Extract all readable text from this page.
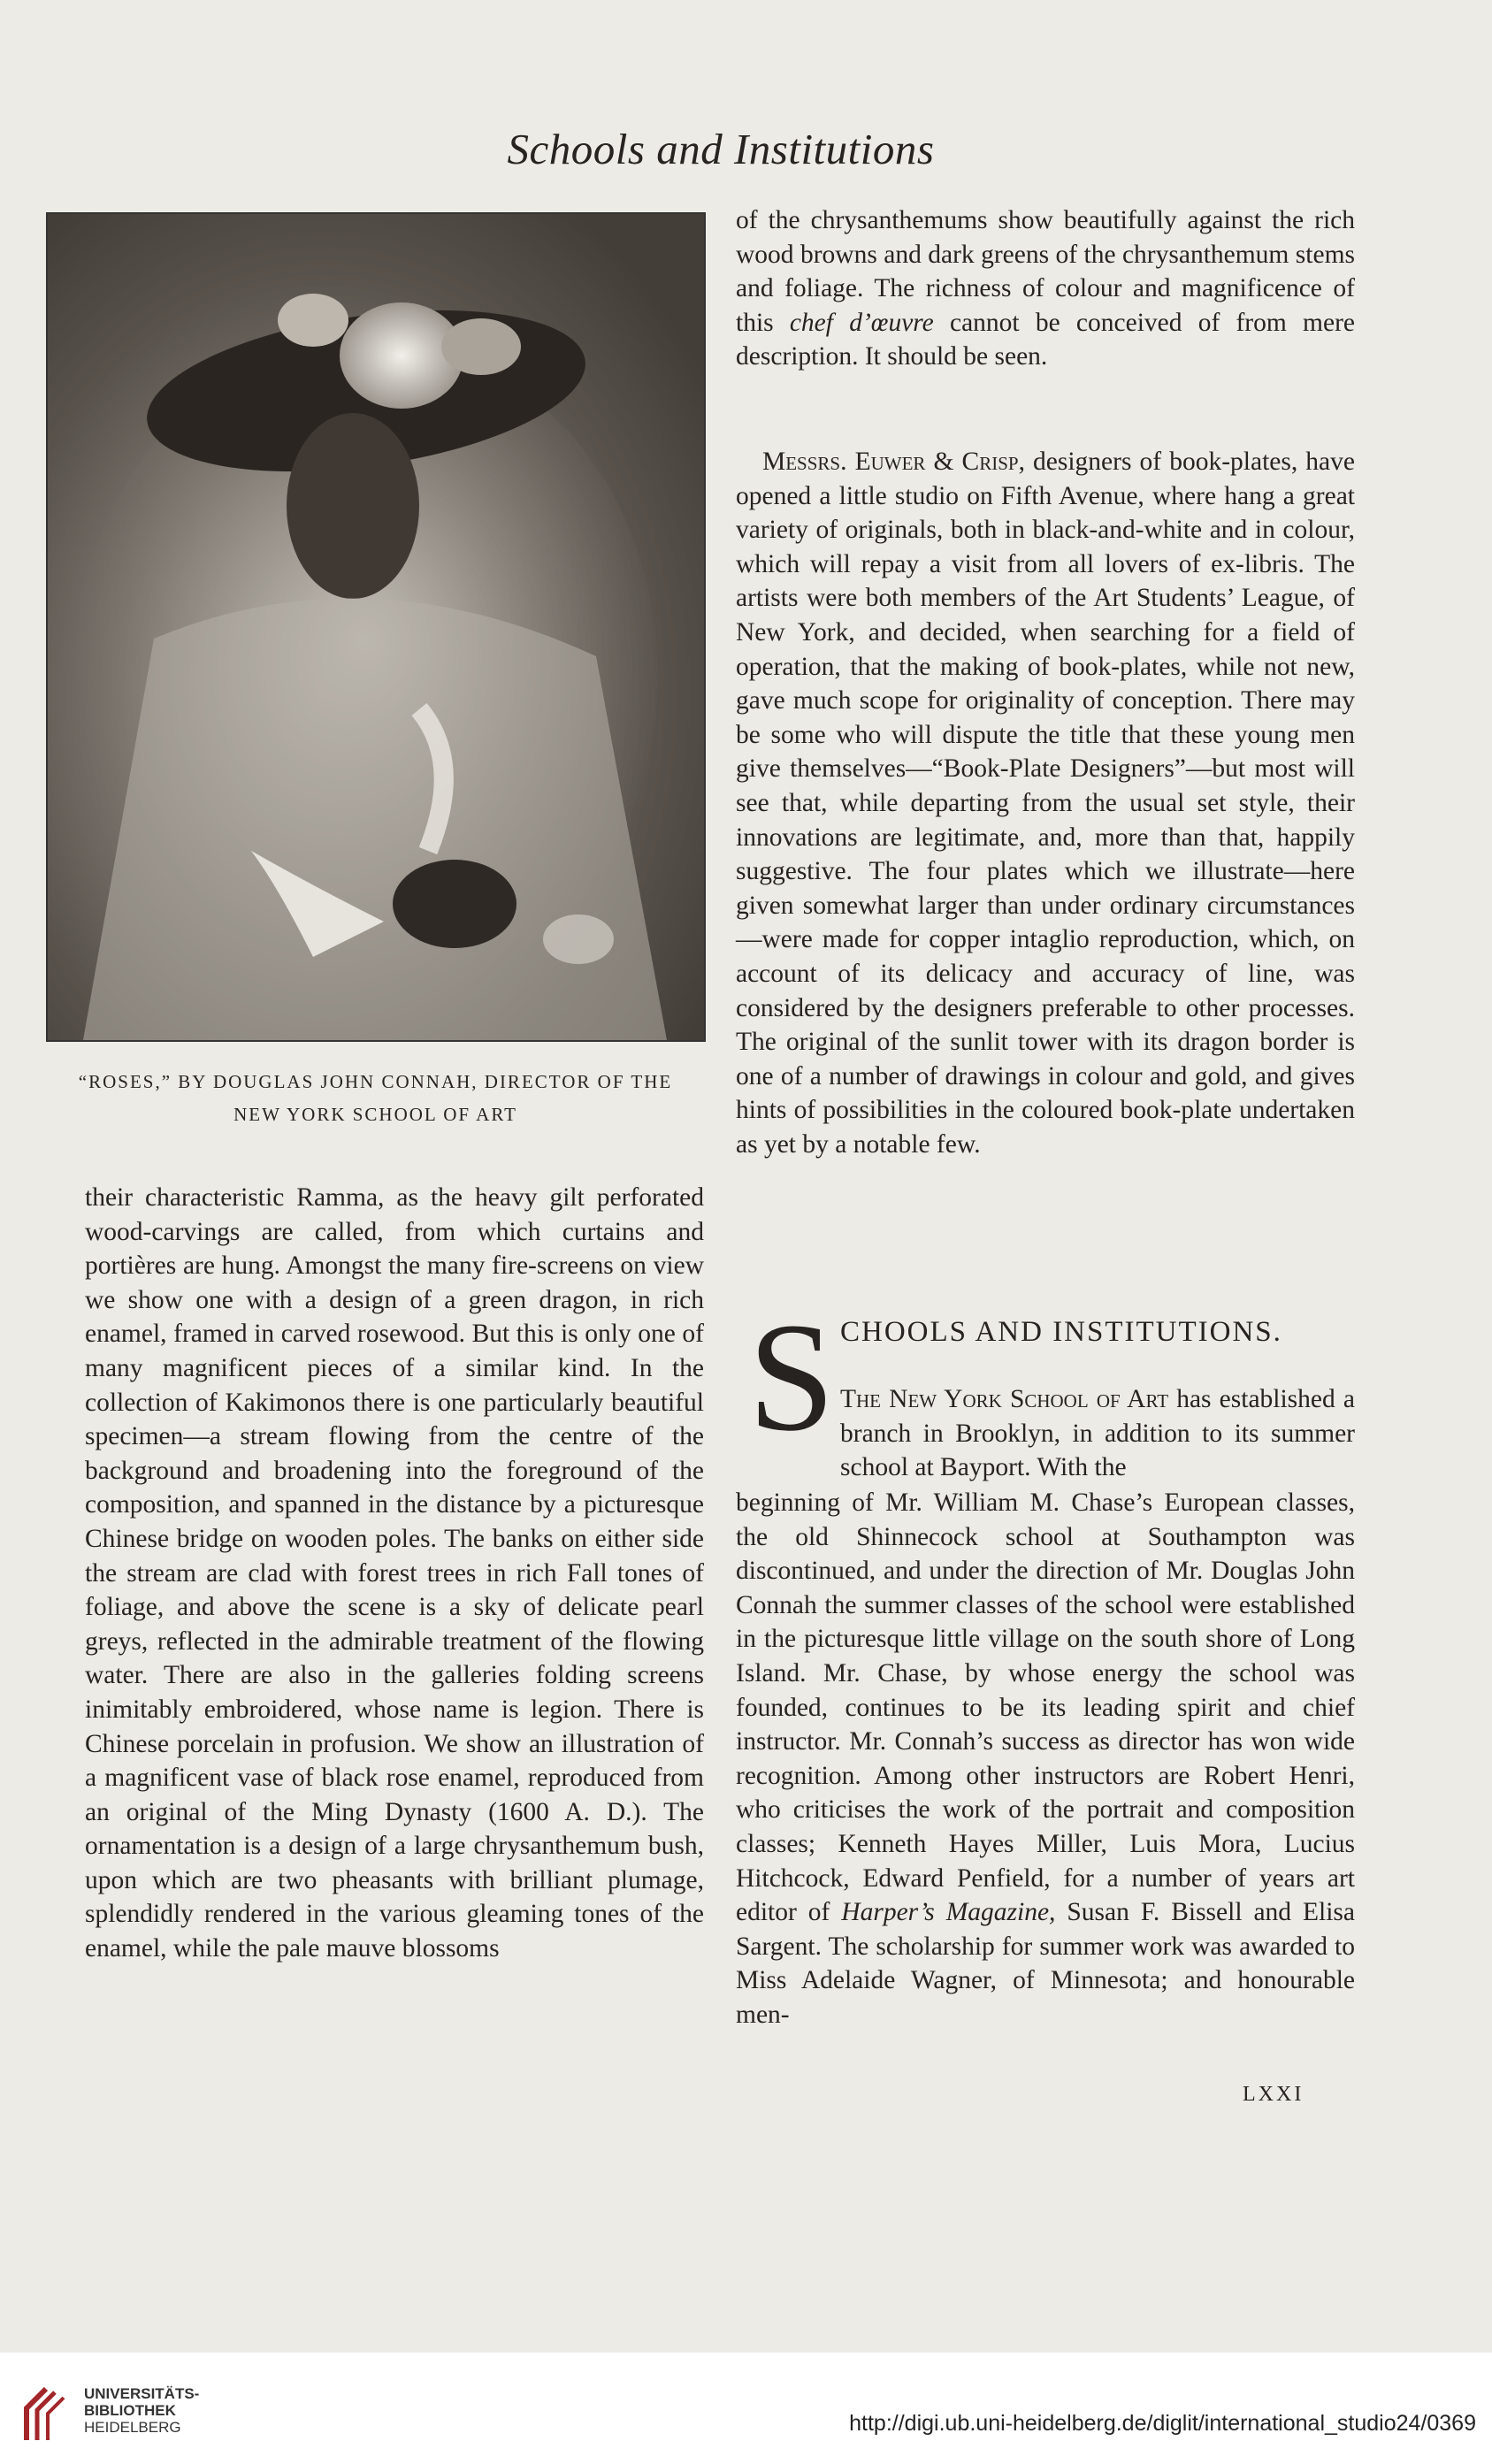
Schools and Institutions
“ROSES,” BY DOUGLAS JOHN CONNAH, DIRECTOR OF THE
NEW YORK SCHOOL OF ART
their characteristic Ramma, as the heavy gilt perforated wood-carvings are called, from which curtains and portières are hung. Amongst the many fire-screens on view we show one with a design of a green dragon, in rich enamel, framed in carved rosewood. But this is only one of many magnificent pieces of a similar kind. In the collection of Kakimonos there is one particularly beautiful specimen—a stream flowing from the centre of the background and broadening into the foreground of the composition, and spanned in the distance by a picturesque Chinese bridge on wooden poles. The banks on either side the stream are clad with forest trees in rich Fall tones of foliage, and above the scene is a sky of delicate pearl greys, reflected in the admirable treatment of the flowing water. There are also in the galleries folding screens inimitably embroidered, whose name is legion. There is Chinese porcelain in profusion. We show an illustration of a magnificent vase of black rose enamel, reproduced from an original of the Ming Dynasty (1600 A. D.). The ornamentation is a design of a large chrysanthemum bush, upon which are two pheasants with brilliant plumage, splendidly rendered in the various gleaming tones of the enamel, while the pale mauve blossoms
of the chrysanthemums show beautifully against the rich wood browns and dark greens of the chrysanthemum stems and foliage. The richness of colour and magnificence of this chef d’œuvre cannot be conceived of from mere description. It should be seen.
Messrs. Euwer & Crisp, designers of book-plates, have opened a little studio on Fifth Avenue, where hang a great variety of originals, both in black-and-white and in colour, which will repay a visit from all lovers of ex-libris. The artists were both members of the Art Students’ League, of New York, and decided, when searching for a field of operation, that the making of book-plates, while not new, gave much scope for originality of conception. There may be some who will dispute the title that these young men give themselves—“Book-Plate Designers”—but most will see that, while departing from the usual set style, their innovations are legitimate, and, more than that, happily suggestive. The four plates which we illustrate—here given somewhat larger than under ordinary circumstances—were made for copper intaglio reproduction, which, on account of its delicacy and accuracy of line, was considered by the designers preferable to other processes. The original of the sunlit tower with its dragon border is one of a number of drawings in colour and gold, and gives hints of possibilities in the coloured book-plate undertaken as yet by a notable few.
S CHOOLS AND INSTITUTIONS.
The New York School of Art has established a branch in Brooklyn, in addition to its summer school at Bayport. With the
beginning of Mr. William M. Chase’s European classes, the old Shinnecock school at Southampton was discontinued, and under the direction of Mr. Douglas John Connah the summer classes of the school were established in the picturesque little village on the south shore of Long Island. Mr. Chase, by whose energy the school was founded, continues to be its leading spirit and chief instructor. Mr. Connah’s success as director has won wide recognition. Among other instructors are Robert Henri, who criticises the work of the portrait and composition classes; Kenneth Hayes Miller, Luis Mora, Lucius Hitchcock, Edward Penfield, for a number of years art editor of Harper’s Magazine, Susan F. Bissell and Elisa Sargent. The scholarship for summer work was awarded to Miss Adelaide Wagner, of Minnesota; and honourable men-
LXXI
UNIVERSITÄTS-
BIBLIOTHEK
HEIDELBERG	http://digi.ub.uni-heidelberg.de/diglit/international_studio24/0369
